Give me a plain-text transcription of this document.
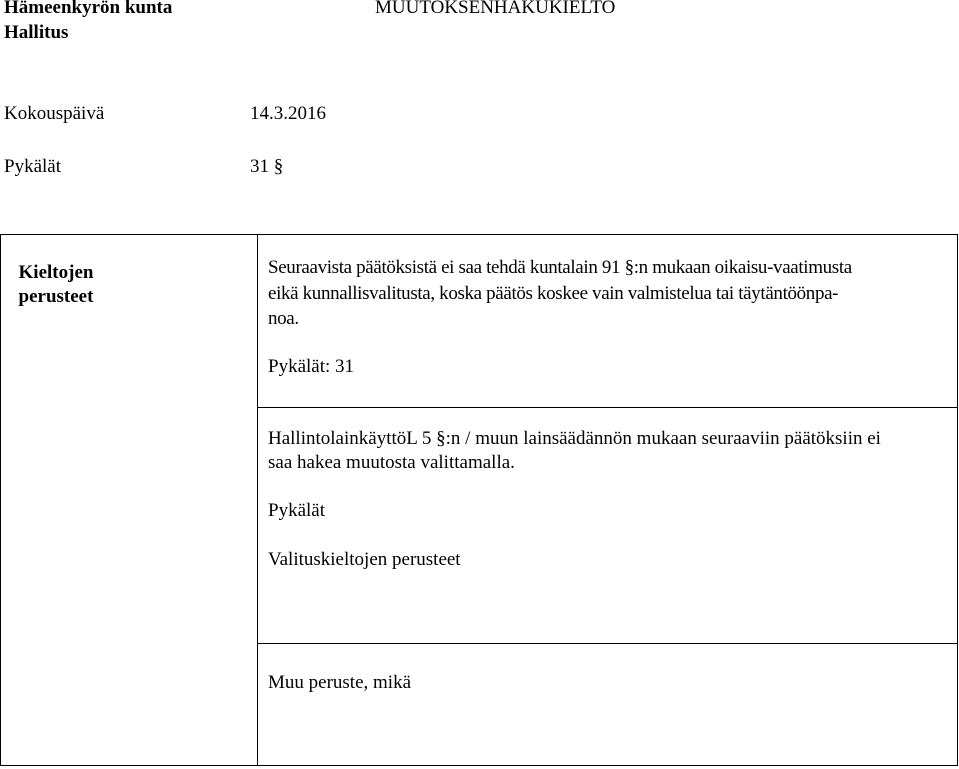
Hämeenkyrön kunta
Hallitus
MUUTOKSENHAKUKIELTO
Kokouspäivä	14.3.2016
Pykälät	31 §
Kieltojen perusteet
Seuraavista päätöksistä ei saa tehdä kuntalain 91 §:n mukaan oikaisu-vaatimusta
eikä kunnallisvalitusta, koska päätös koskee vain valmistelua tai täytäntöönpa-
noa.
Pykälät: 31
HallintolainkäyttöL 5 §:n / muun lainsäädännön mukaan seuraaviin päätöksiin ei
saa hakea muutosta valittamalla.
Pykälät
Valituskieltojen perusteet
Muu peruste, mikä
